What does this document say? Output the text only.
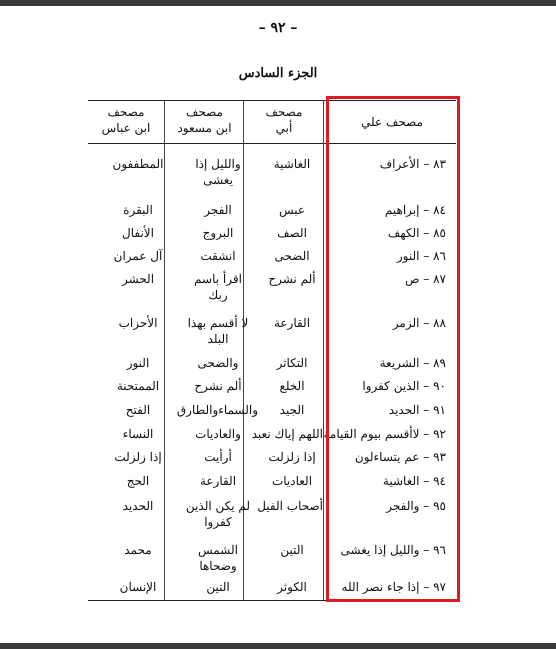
– ٩٢ –
الجزء السادس
مصحف علي
مصحف
أبي
مصحف
ابن مسعود
مصحف
ابن عباس
٨٣ – الأعراف
الغاشية
والليل إذا
يغشى
المطففون
٨٤ – إبراهيم
عبس
الفجر
البقرة
٨٥ – الكهف
الصف
البروج
الأنفال
٨٦ – النور
الضحى
انشقت
آل عمران
٨٧ – ص
ألم نشرح
اقرأ باسم
ربك
الحشر
٨٨ – الزمر
القارعة
لا أقسم بهذا
البلد
الأحزاب
٨٩ – الشريعة
التكاثر
والضحى
النور
٩٠ – الذين كفروا
الخلع
ألم نشرح
الممتحنة
٩١ – الحديد
الجيد
والسماءوالطارق
الفتح
٩٢ – لاأقسم بيوم القيامة
اللهم إياك نعبد
والعاديات
النساء
٩٣ – عم يتساءلون
إذا زلزلت
أرأيت
إذا زلزلت
٩٤ – الغاشية
العاديات
القارعة
الحج
٩٥ – والفجر
أصحاب الفيل
لم يكن الذين
كفروا
الحديد
٩٦ – والليل إذا يغشى
التين
الشمس
وضحاها
محمد
٩٧ – إذا جاء نصر الله
الكوثر
التين
الإنسان
